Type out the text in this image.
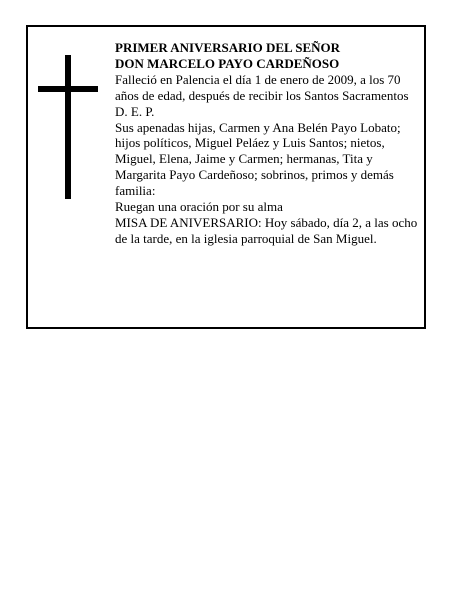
PRIMER ANIVERSARIO DEL SEÑOR

DON MARCELO PAYO CARDEÑOSO

Falleció en Palencia el día 1 de enero de 2009, a los 70 años de edad, después de recibir los Santos Sacramentos

D. E. P.

Sus apenadas hijas, Carmen y Ana Belén Payo Lobato; hijos políticos, Miguel Peláez y Luis Santos; nietos, Miguel, Elena, Jaime y Carmen; hermanas, Tita y Margarita Payo Cardeñoso; sobrinos, primos y demás familia:

Ruegan una oración por su alma

MISA DE ANIVERSARIO: Hoy sábado, día 2, a las ocho de la tarde, en la iglesia parroquial de San Miguel.
